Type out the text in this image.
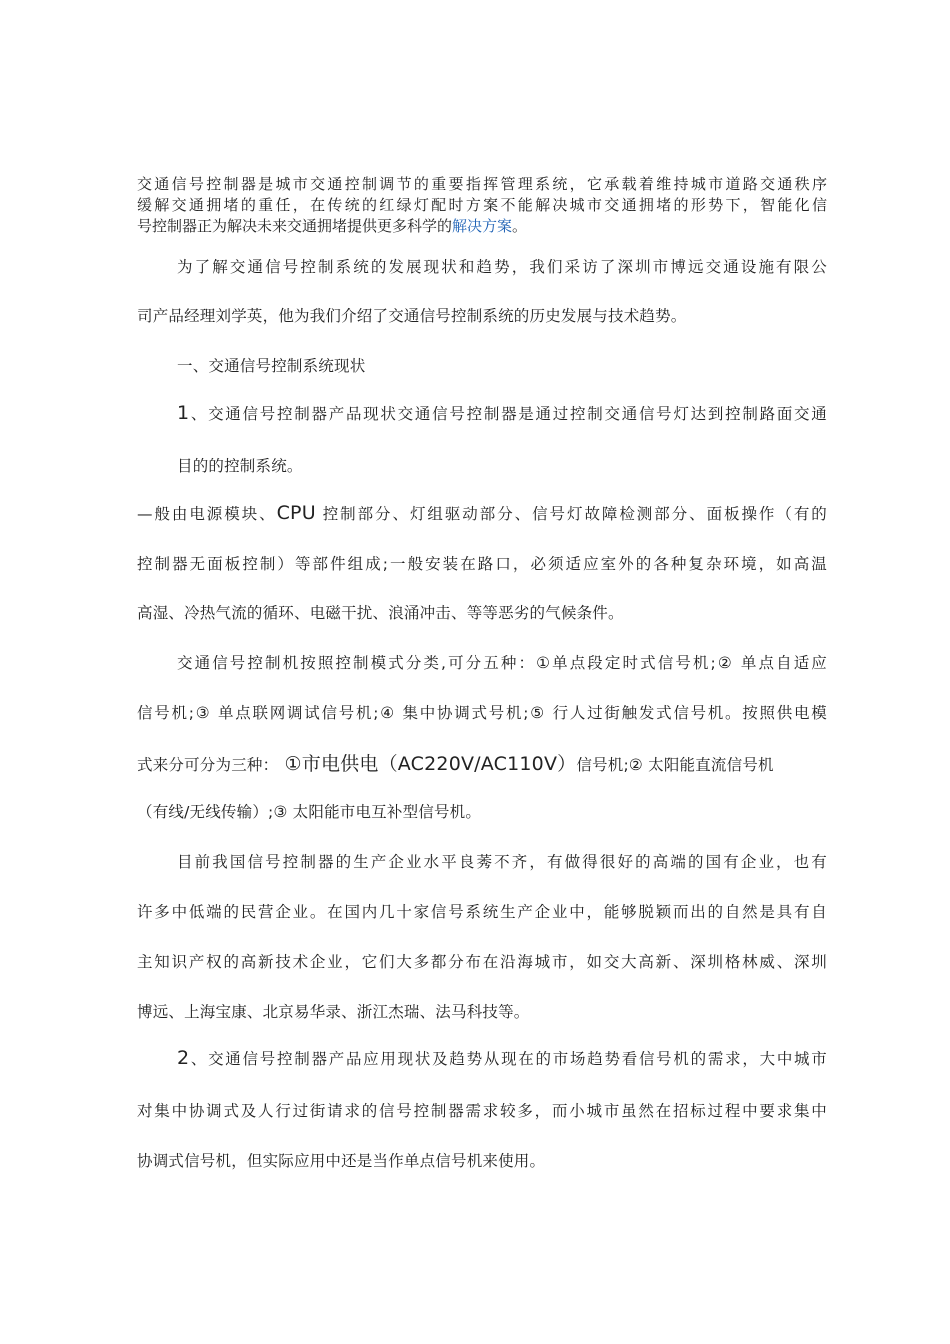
交通信号控制器是城市交通控制调节的重要指挥管理系统，它承载着维持城市道路交通秩序
缓解交通拥堵的重任，在传统的红绿灯配时方案不能解决城市交通拥堵的形势下，智能化信
号控制器正为解决未来交通拥堵提供更多科学的解决方案。
为了解交通信号控制系统的发展现状和趋势，我们采访了深圳市博远交通设施有限公
司产品经理刘学英，他为我们介绍了交通信号控制系统的历史发展与技术趋势。
一、交通信号控制系统现状
1、交通信号控制器产品现状交通信号控制器是通过控制交通信号灯达到控制路面交通
目的的控制系统。
—般由电源模块、CPU 控制部分、灯组驱动部分、信号灯故障检测部分、面板操作（有的
控制器无面板控制）等部件组成;一般安装在路口，必须适应室外的各种复杂环境，如高温
高湿、冷热气流的循环、电磁干扰、浪涌冲击、等等恶劣的气候条件。
交通信号控制机按照控制模式分类,可分五种：①单点段定时式信号机;② 单点自适应
信号机;③ 单点联网调试信号机;④ 集中协调式号机;⑤ 行人过街触发式信号机。按照供电模
式来分可分为三种： ①市电供电（AC220V/AC110V）信号机;② 太阳能直流信号机
（有线/无线传输）;③ 太阳能市电互补型信号机。
目前我国信号控制器的生产企业水平良莠不齐，有做得很好的高端的国有企业，也有
许多中低端的民营企业。在国内几十家信号系统生产企业中，能够脱颖而出的自然是具有自
主知识产权的高新技术企业，它们大多都分布在沿海城市，如交大高新、深圳格林威、深圳
博远、上海宝康、北京易华录、浙江杰瑞、法马科技等。
2、交通信号控制器产品应用现状及趋势从现在的市场趋势看信号机的需求，大中城市
对集中协调式及人行过街请求的信号控制器需求较多，而小城市虽然在招标过程中要求集中
协调式信号机，但实际应用中还是当作单点信号机来使用。
